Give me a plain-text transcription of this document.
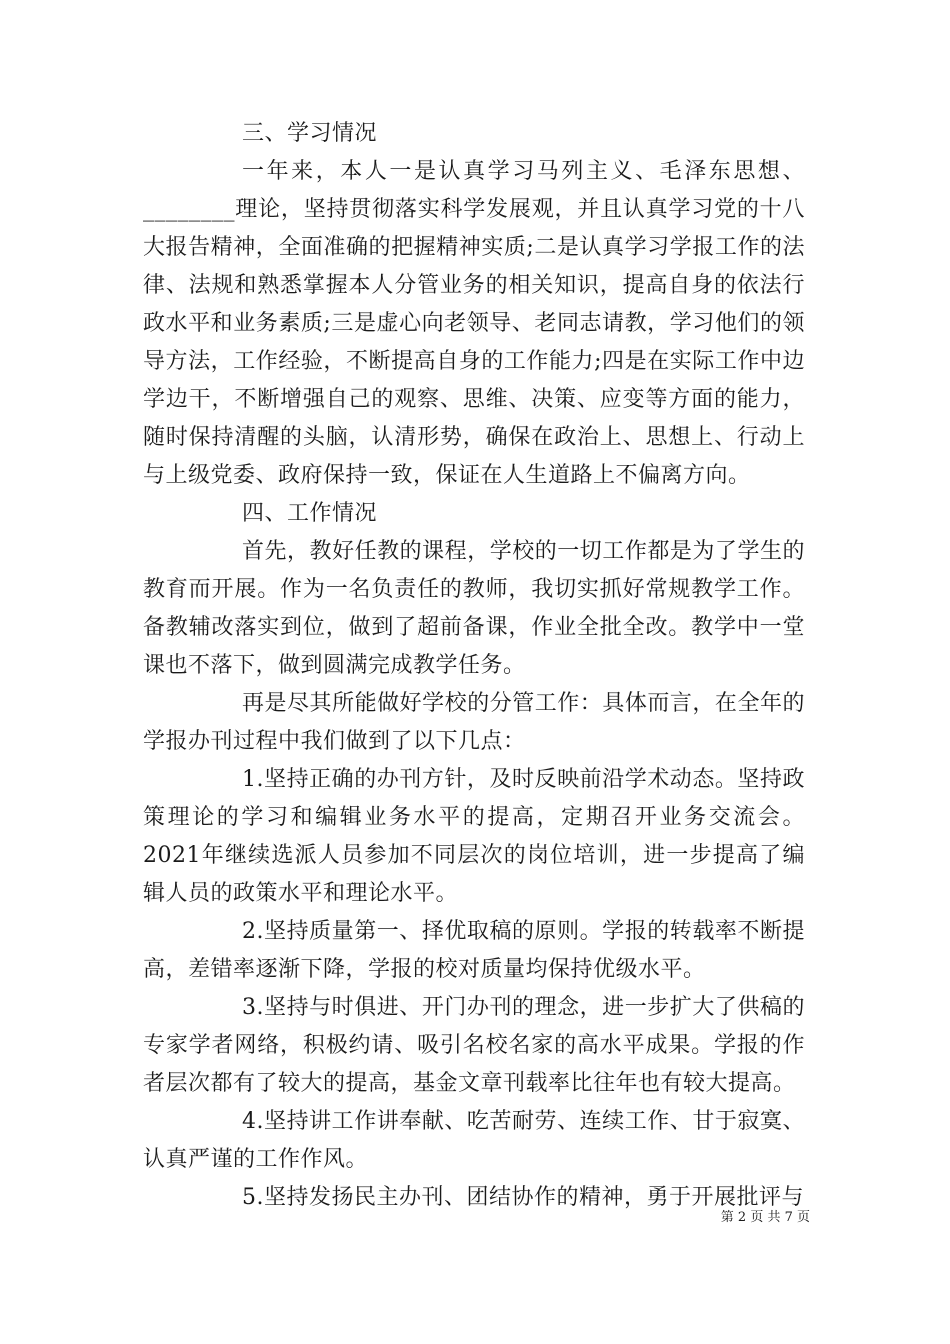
三、学习情况

一年来，本人一是认真学习马列主义、毛泽东思想、________理论，坚持贯彻落实科学发展观，并且认真学习党的十八大报告精神，全面准确的把握精神实质;二是认真学习学报工作的法律、法规和熟悉掌握本人分管业务的相关知识，提高自身的依法行政水平和业务素质;三是虚心向老领导、老同志请教，学习他们的领导方法，工作经验，不断提高自身的工作能力;四是在实际工作中边学边干，不断增强自己的观察、思维、决策、应变等方面的能力，随时保持清醒的头脑，认清形势，确保在政治上、思想上、行动上与上级党委、政府保持一致，保证在人生道路上不偏离方向。

四、工作情况

首先，教好任教的课程，学校的一切工作都是为了学生的教育而开展。作为一名负责任的教师，我切实抓好常规教学工作。备教辅改落实到位，做到了超前备课，作业全批全改。教学中一堂课也不落下，做到圆满完成教学任务。

再是尽其所能做好学校的分管工作：具体而言，在全年的学报办刊过程中我们做到了以下几点：

1.坚持正确的办刊方针，及时反映前沿学术动态。坚持政策理论的学习和编辑业务水平的提高，定期召开业务交流会。2021年继续选派人员参加不同层次的岗位培训，进一步提高了编辑人员的政策水平和理论水平。

2.坚持质量第一、择优取稿的原则。学报的转载率不断提高，差错率逐渐下降，学报的校对质量均保持优级水平。

3.坚持与时俱进、开门办刊的理念，进一步扩大了供稿的专家学者网络，积极约请、吸引名校名家的高水平成果。学报的作者层次都有了较大的提高，基金文章刊载率比往年也有较大提高。

4.坚持讲工作讲奉献、吃苦耐劳、连续工作、甘于寂寞、认真严谨的工作作风。

5.坚持发扬民主办刊、团结协作的精神，勇于开展批评与

第 2 页 共 7 页
